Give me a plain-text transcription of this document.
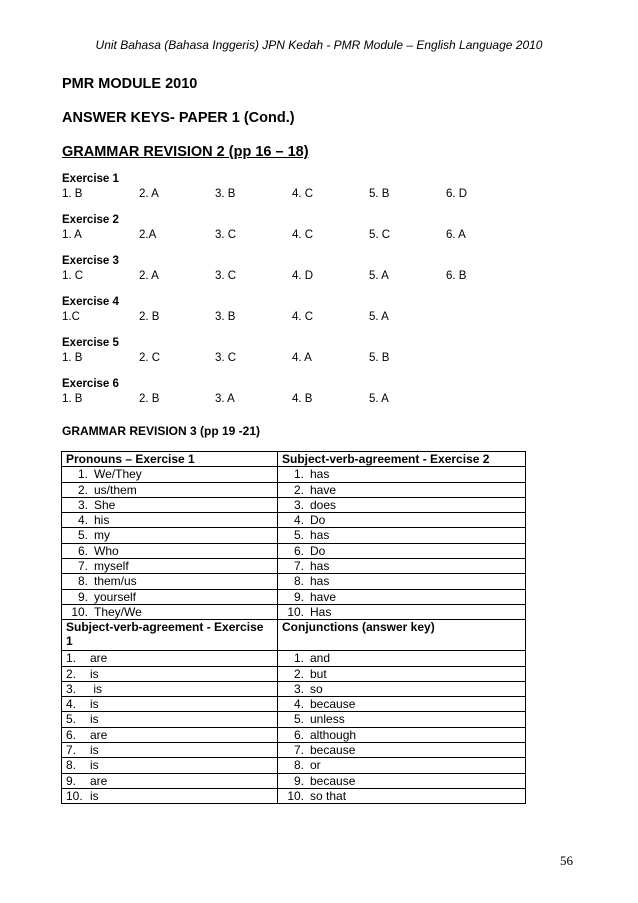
Unit Bahasa (Bahasa Inggeris) JPN Kedah - PMR Module – English Language 2010
PMR MODULE 2010
ANSWER KEYS- PAPER 1 (Cond.)
GRAMMAR REVISION 2 (pp 16 – 18)
Exercise 1
1. B	2. A	3. B	4. C	5. B	6. D
Exercise 2
1. A	2.A	3. C	4. C	5. C	6. A
Exercise 3
1. C	2. A	3. C	4. D	5. A	6. B
Exercise 4
1.C	2. B	3. B	4. C	5. A
Exercise 5
1. B	2. C	3. C	4. A	5. B
Exercise 6
1. B	2. B	3. A	4. B	5. A
GRAMMAR REVISION 3 (pp 19 -21)
Pronouns – Exercise 1	Subject-verb-agreement - Exercise 2
1. We/They	1. has
2. us/them	2. have
3. She	3. does
4. his	4. Do
5. my	5. has
6. Who	6. Do
7. myself	7. has
8. them/us	8. has
9. yourself	9. have
10. They/We	10. Has
Subject-verb-agreement - Exercise 1	Conjunctions (answer key)
1. are	1. and
2. is	2. but
3. is	3. so
4. is	4. because
5. is	5. unless
6. are	6. although
7. is	7. because
8. is	8. or
9. are	9. because
10. is	10. so that
56
